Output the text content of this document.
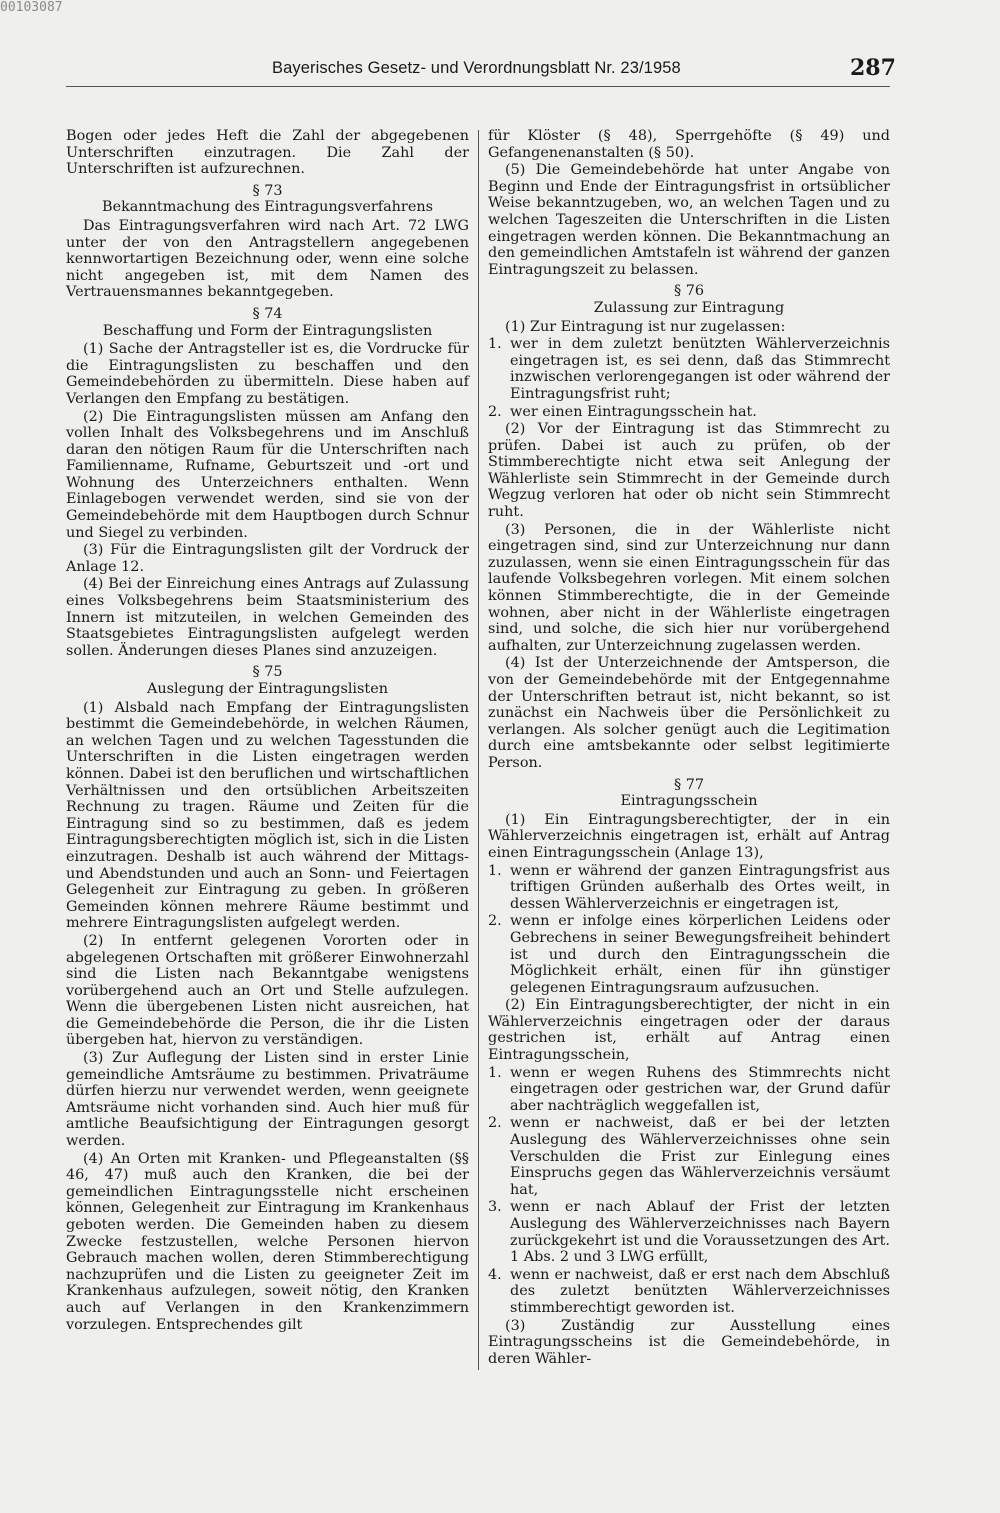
00103087
Bayerisches Gesetz- und Verordnungsblatt Nr. 23/1958	287

Bogen oder jedes Heft die Zahl der abgegebenen Unterschriften einzutragen. Die Zahl der Unterschriften ist aufzurechnen.

§ 73

Bekanntmachung des Eintragungsverfahrens

Das Eintragungsverfahren wird nach Art. 72 LWG unter der von den Antragstellern angegebenen kennwortartigen Bezeichnung oder, wenn eine solche nicht angegeben ist, mit dem Namen des Vertrauensmannes bekanntgegeben.

§ 74

Beschaffung und Form der Eintragungslisten

(1) Sache der Antragsteller ist es, die Vordrucke für die Eintragungslisten zu beschaffen und den Gemeindebehörden zu übermitteln. Diese haben auf Verlangen den Empfang zu bestätigen.

(2) Die Eintragungslisten müssen am Anfang den vollen Inhalt des Volksbegehrens und im Anschluß daran den nötigen Raum für die Unterschriften nach Familienname, Rufname, Geburtszeit und -ort und Wohnung des Unterzeichners enthalten. Wenn Einlagebogen verwendet werden, sind sie von der Gemeindebehörde mit dem Hauptbogen durch Schnur und Siegel zu verbinden.

(3) Für die Eintragungslisten gilt der Vordruck der Anlage 12.

(4) Bei der Einreichung eines Antrags auf Zulassung eines Volksbegehrens beim Staatsministerium des Innern ist mitzuteilen, in welchen Gemeinden des Staatsgebietes Eintragungslisten aufgelegt werden sollen. Änderungen dieses Planes sind anzuzeigen.

§ 75

Auslegung der Eintragungslisten

(1) Alsbald nach Empfang der Eintragungslisten bestimmt die Gemeindebehörde, in welchen Räumen, an welchen Tagen und zu welchen Tagesstunden die Unterschriften in die Listen eingetragen werden können. Dabei ist den beruflichen und wirtschaftlichen Verhältnissen und den ortsüblichen Arbeitszeiten Rechnung zu tragen. Räume und Zeiten für die Eintragung sind so zu bestimmen, daß es jedem Eintragungsberechtigten möglich ist, sich in die Listen einzutragen. Deshalb ist auch während der Mittags- und Abendstunden und auch an Sonn- und Feiertagen Gelegenheit zur Eintragung zu geben. In größeren Gemeinden können mehrere Räume bestimmt und mehrere Eintragungslisten aufgelegt werden.

(2) In entfernt gelegenen Vororten oder in abgelegenen Ortschaften mit größerer Einwohnerzahl sind die Listen nach Bekanntgabe wenigstens vorübergehend auch an Ort und Stelle aufzulegen. Wenn die übergebenen Listen nicht ausreichen, hat die Gemeindebehörde die Person, die ihr die Listen übergeben hat, hiervon zu verständigen.

(3) Zur Auflegung der Listen sind in erster Linie gemeindliche Amtsräume zu bestimmen. Privaträume dürfen hierzu nur verwendet werden, wenn geeignete Amtsräume nicht vorhanden sind. Auch hier muß für amtliche Beaufsichtigung der Eintragungen gesorgt werden.

(4) An Orten mit Kranken- und Pflegeanstalten (§§ 46, 47) muß auch den Kranken, die bei der gemeindlichen Eintragungsstelle nicht erscheinen können, Gelegenheit zur Eintragung im Krankenhaus geboten werden. Die Gemeinden haben zu diesem Zwecke festzustellen, welche Personen hiervon Gebrauch machen wollen, deren Stimmberechtigung nachzuprüfen und die Listen zu geeigneter Zeit im Krankenhaus aufzulegen, soweit nötig, den Kranken auch auf Verlangen in den Krankenzimmern vorzulegen. Entsprechendes gilt

für Klöster (§ 48), Sperrgehöfte (§ 49) und Gefangenenanstalten (§ 50).

(5) Die Gemeindebehörde hat unter Angabe von Beginn und Ende der Eintragungsfrist in ortsüblicher Weise bekanntzugeben, wo, an welchen Tagen und zu welchen Tageszeiten die Unterschriften in die Listen eingetragen werden können. Die Bekanntmachung an den gemeindlichen Amtstafeln ist während der ganzen Eintragungszeit zu belassen.

§ 76

Zulassung zur Eintragung

(1) Zur Eintragung ist nur zugelassen:

1. wer in dem zuletzt benützten Wählerverzeichnis eingetragen ist, es sei denn, daß das Stimmrecht inzwischen verlorengegangen ist oder während der Eintragungsfrist ruht;
2. wer einen Eintragungsschein hat.

(2) Vor der Eintragung ist das Stimmrecht zu prüfen. Dabei ist auch zu prüfen, ob der Stimmberechtigte nicht etwa seit Anlegung der Wählerliste sein Stimmrecht in der Gemeinde durch Wegzug verloren hat oder ob nicht sein Stimmrecht ruht.

(3) Personen, die in der Wählerliste nicht eingetragen sind, sind zur Unterzeichnung nur dann zuzulassen, wenn sie einen Eintragungsschein für das laufende Volksbegehren vorlegen. Mit einem solchen können Stimmberechtigte, die in der Gemeinde wohnen, aber nicht in der Wählerliste eingetragen sind, und solche, die sich hier nur vorübergehend aufhalten, zur Unterzeichnung zugelassen werden.

(4) Ist der Unterzeichnende der Amtsperson, die von der Gemeindebehörde mit der Entgegennahme der Unterschriften betraut ist, nicht bekannt, so ist zunächst ein Nachweis über die Persönlichkeit zu verlangen. Als solcher genügt auch die Legitimation durch eine amtsbekannte oder selbst legitimierte Person.

§ 77

Eintragungsschein

(1) Ein Eintragungsberechtigter, der in ein Wählerverzeichnis eingetragen ist, erhält auf Antrag einen Eintragungsschein (Anlage 13),

1. wenn er während der ganzen Eintragungsfrist aus triftigen Gründen außerhalb des Ortes weilt, in dessen Wählerverzeichnis er eingetragen ist,
2. wenn er infolge eines körperlichen Leidens oder Gebrechens in seiner Bewegungsfreiheit behindert ist und durch den Eintragungsschein die Möglichkeit erhält, einen für ihn günstiger gelegenen Eintragungsraum aufzusuchen.

(2) Ein Eintragungsberechtigter, der nicht in ein Wählerverzeichnis eingetragen oder der daraus gestrichen ist, erhält auf Antrag einen Eintragungsschein,

1. wenn er wegen Ruhens des Stimmrechts nicht eingetragen oder gestrichen war, der Grund dafür aber nachträglich weggefallen ist,
2. wenn er nachweist, daß er bei der letzten Auslegung des Wählerverzeichnisses ohne sein Verschulden die Frist zur Einlegung eines Einspruchs gegen das Wählerverzeichnis versäumt hat,
3. wenn er nach Ablauf der Frist der letzten Auslegung des Wählerverzeichnisses nach Bayern zurückgekehrt ist und die Voraussetzungen des Art. 1 Abs. 2 und 3 LWG erfüllt,
4. wenn er nachweist, daß er erst nach dem Abschluß des zuletzt benützten Wählerverzeichnisses stimmberechtigt geworden ist.

(3) Zuständig zur Ausstellung eines Eintragungsscheins ist die Gemeindebehörde, in deren Wähler-
